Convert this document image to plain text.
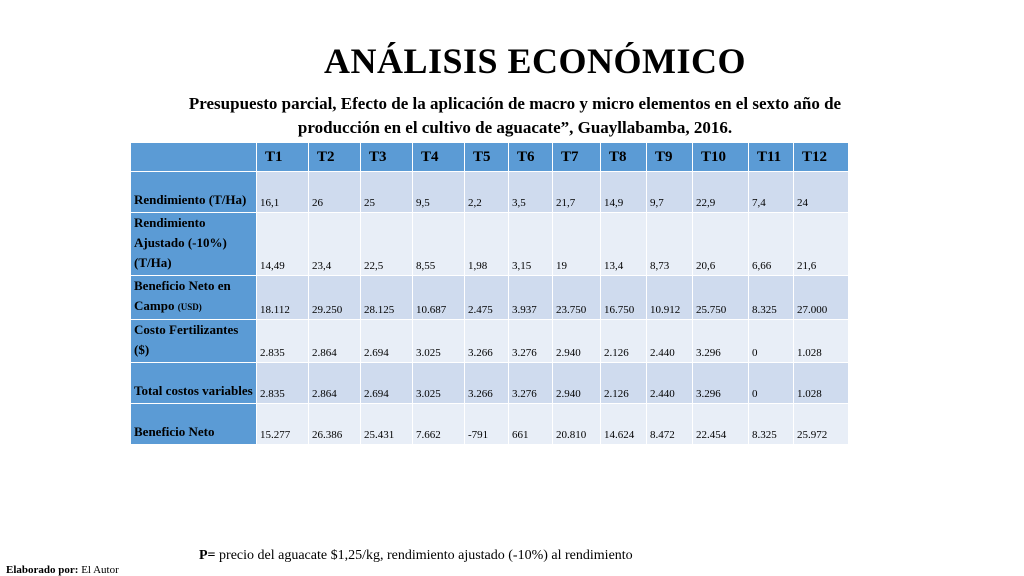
ANÁLISIS ECONÓMICO
Presupuesto parcial, Efecto de la aplicación de macro y micro elementos en el sexto año de producción en el cultivo de aguacate”, Guayllabamba, 2016.
	T1	T2	T3	T4	T5	T6	T7	T8	T9	T10	T11	T12
Rendimiento (T/Ha)	16,1	26	25	9,5	2,2	3,5	21,7	14,9	9,7	22,9	7,4	24
Rendimiento Ajustado (-10%) (T/Ha)	14,49	23,4	22,5	8,55	1,98	3,15	19	13,4	8,73	20,6	6,66	21,6
Beneficio Neto en Campo (USD)	18.112	29.250	28.125	10.687	2.475	3.937	23.750	16.750	10.912	25.750	8.325	27.000
Costo Fertilizantes ($)	2.835	2.864	2.694	3.025	3.266	3.276	2.940	2.126	2.440	3.296	0	1.028
Total costos variables	2.835	2.864	2.694	3.025	3.266	3.276	2.940	2.126	2.440	3.296	0	1.028
Beneficio Neto	15.277	26.386	25.431	7.662	-791	661	20.810	14.624	8.472	22.454	8.325	25.972
P= precio del aguacate $1,25/kg, rendimiento ajustado (-10%) al rendimiento
Elaborado por: El Autor
